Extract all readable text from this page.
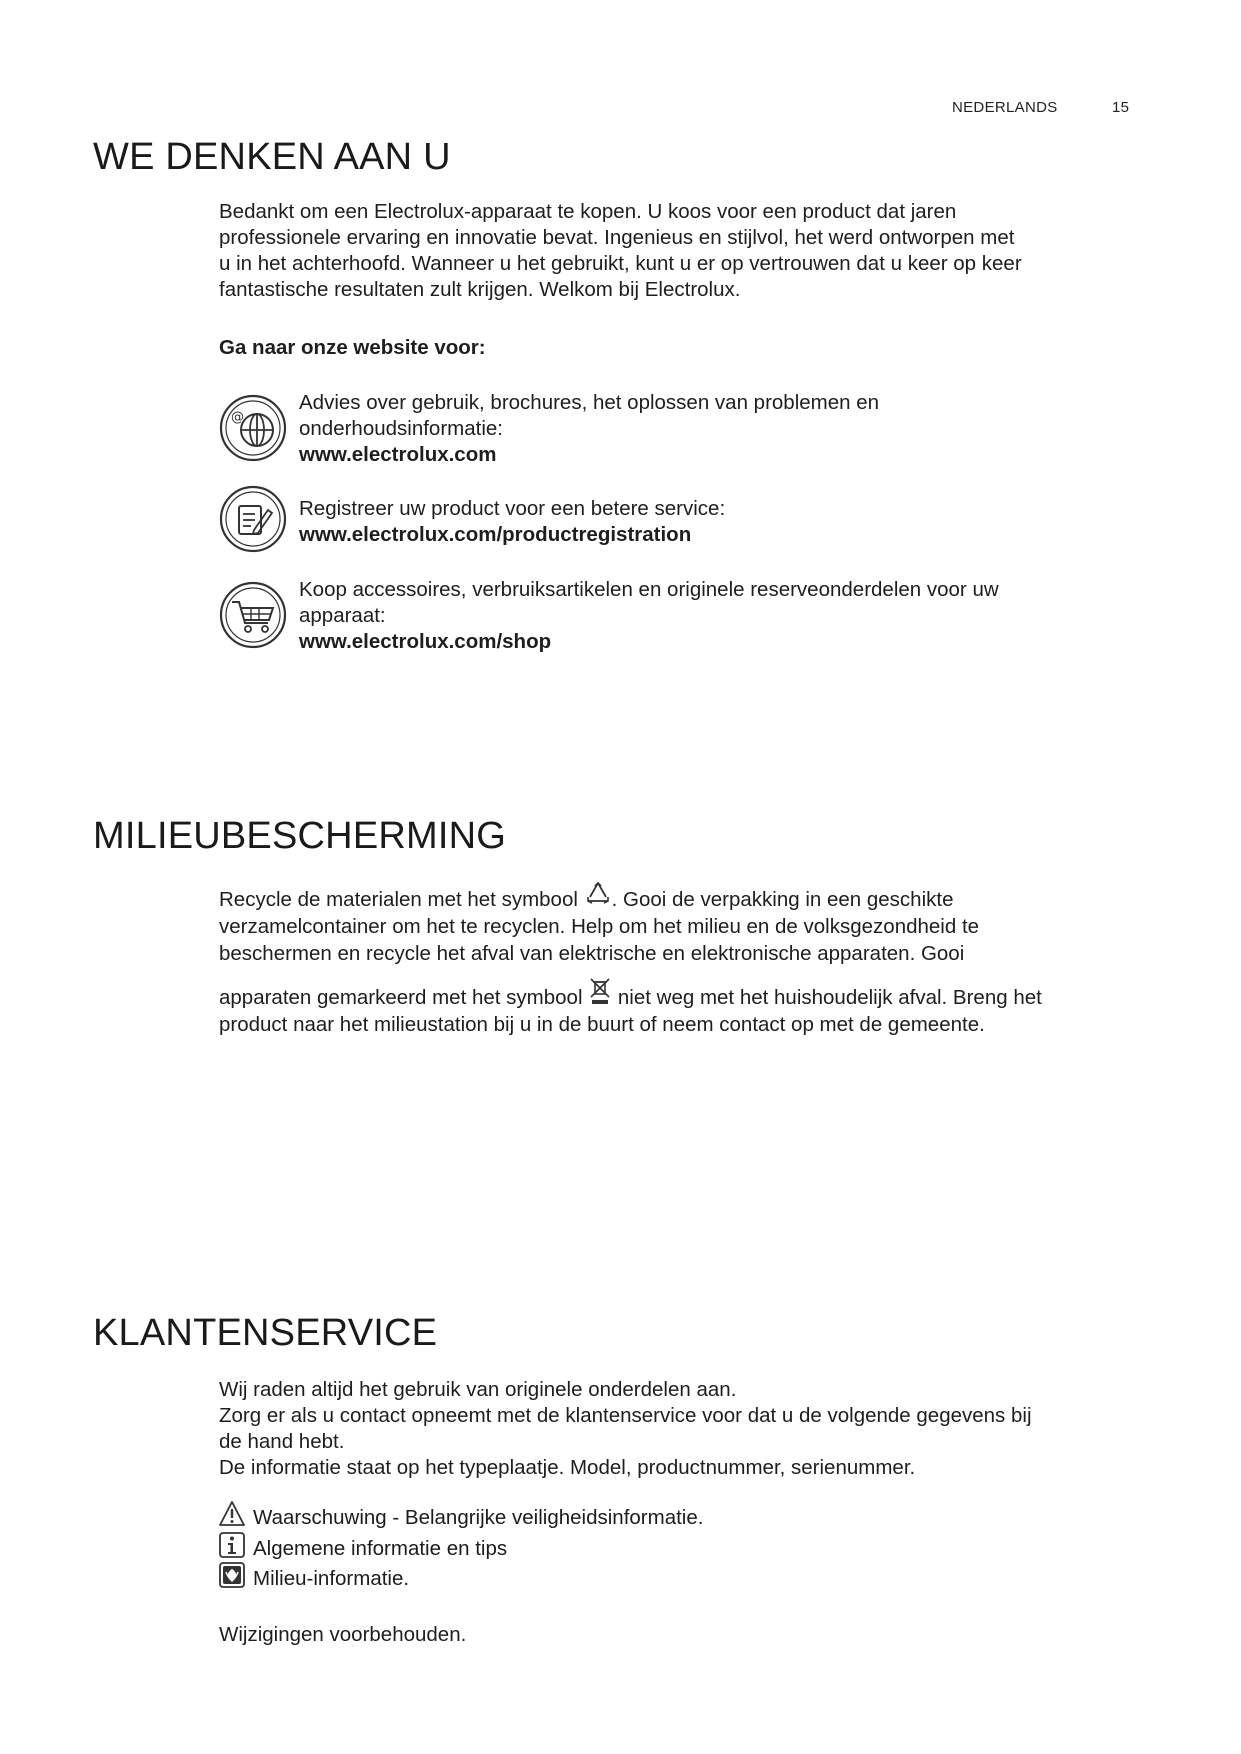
NEDERLANDS	15
WE DENKEN AAN U
Bedankt om een Electrolux-apparaat te kopen. U koos voor een product dat jaren
professionele ervaring en innovatie bevat. Ingenieus en stijlvol, het werd ontworpen met
u in het achterhoofd. Wanneer u het gebruikt, kunt u er op vertrouwen dat u keer op keer
fantastische resultaten zult krijgen. Welkom bij Electrolux.
Ga naar onze website voor:
@
Advies over gebruik, brochures, het oplossen van problemen en
onderhoudsinformatie:
www.electrolux.com
Registreer uw product voor een betere service:
www.electrolux.com/productregistration
Koop accessoires, verbruiksartikelen en originele reserveonderdelen voor uw
apparaat:
www.electrolux.com/shop
MILIEUBESCHERMING
Recycle de materialen met het symbool . Gooi de verpakking in een geschikte
verzamelcontainer om het te recyclen. Help om het milieu en de volksgezondheid te
beschermen en recycle het afval van elektrische en elektronische apparaten. Gooi
apparaten gemarkeerd met het symbool  niet weg met het huishoudelijk afval. Breng het
product naar het milieustation bij u in de buurt of neem contact op met de gemeente.
KLANTENSERVICE
Wij raden altijd het gebruik van originele onderdelen aan.
Zorg er als u contact opneemt met de klantenservice voor dat u de volgende gegevens bij
de hand hebt.
De informatie staat op het typeplaatje. Model, productnummer, serienummer.
Waarschuwing - Belangrijke veiligheidsinformatie.
Algemene informatie en tips
Milieu-informatie.
Wijzigingen voorbehouden.
